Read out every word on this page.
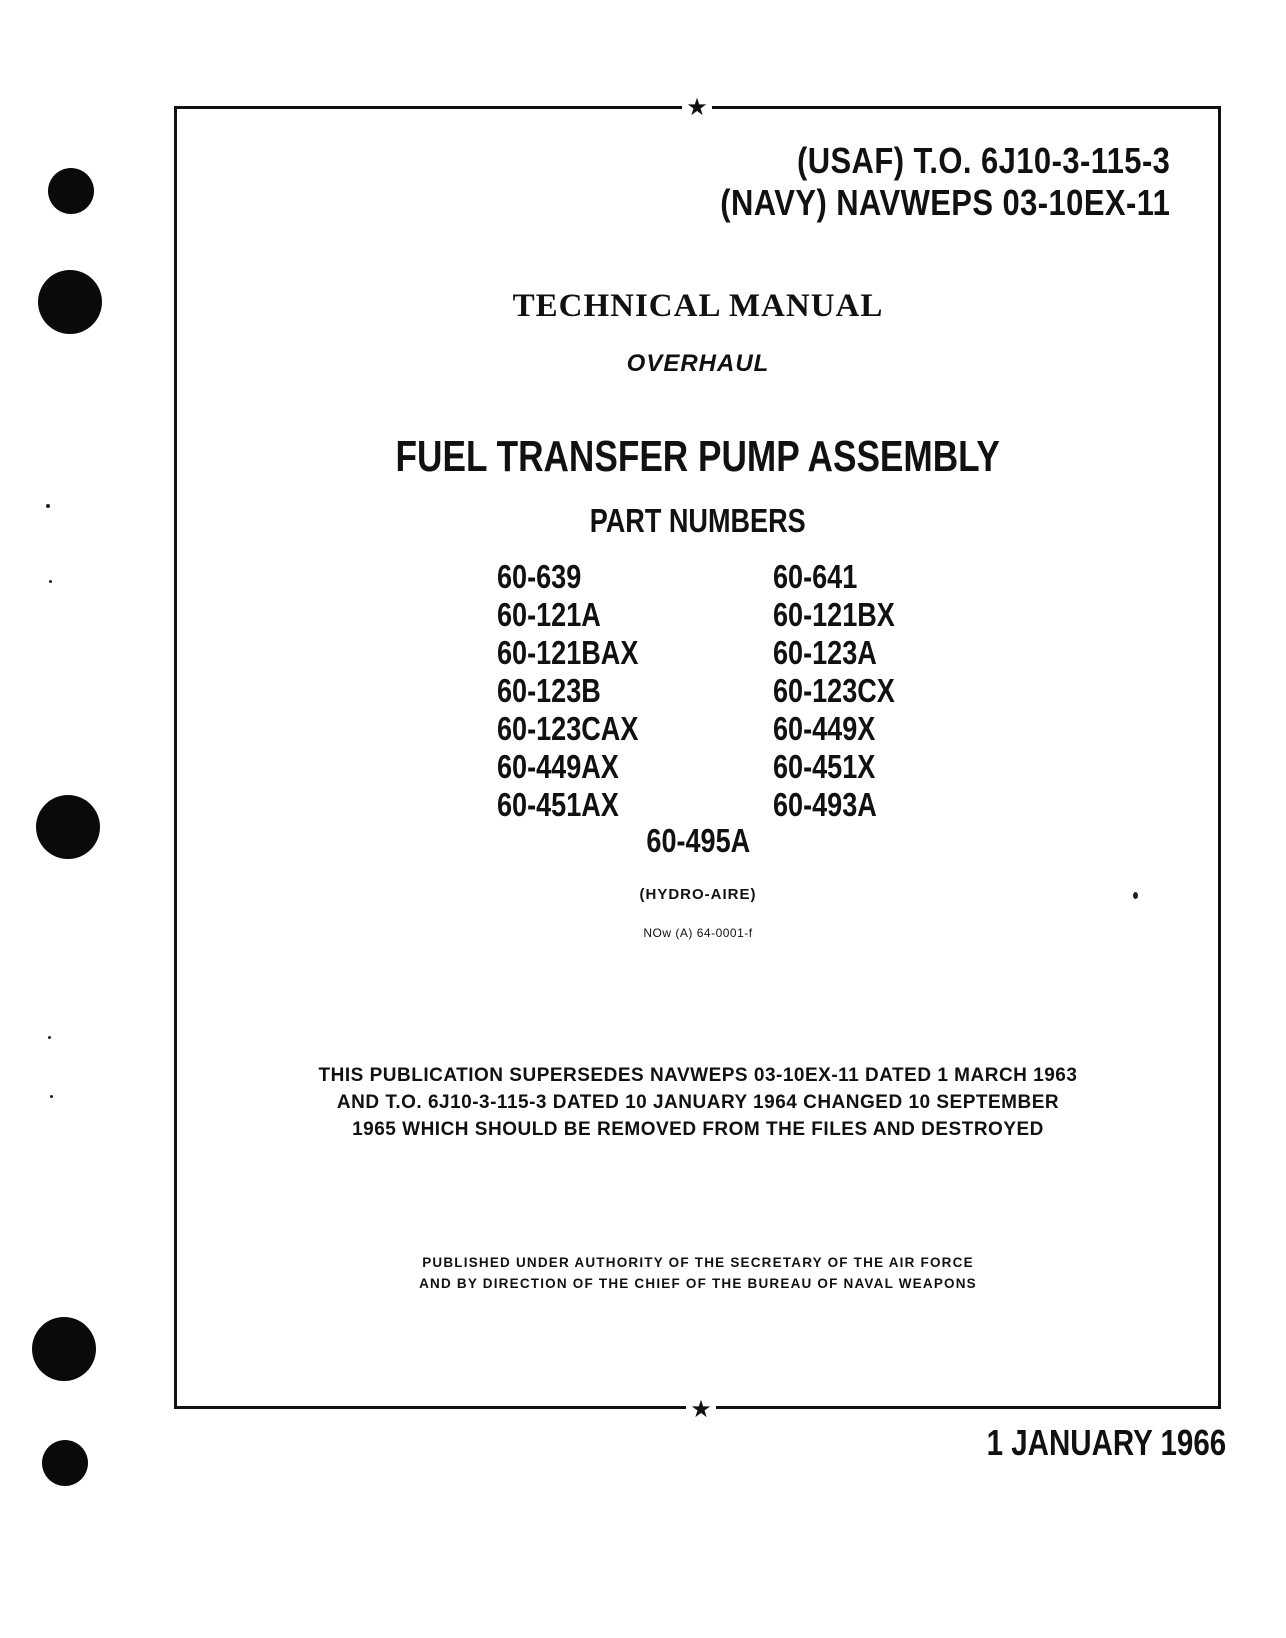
★
★
(USAF) T.O. 6J10-3-115-3
(NAVY) NAVWEPS 03-10EX-11
TECHNICAL MANUAL
OVERHAUL
FUEL TRANSFER PUMP ASSEMBLY
PART NUMBERS
60-639
60-121A
60-121BAX
60-123B
60-123CAX
60-449AX
60-451AX
60-641
60-121BX
60-123A
60-123CX
60-449X
60-451X
60-493A
60-495A
(HYDRO-AIRE)
NOw (A) 64-0001-f
THIS PUBLICATION SUPERSEDES NAVWEPS 03-10EX-11 DATED 1 MARCH 1963
AND T.O. 6J10-3-115-3 DATED 10 JANUARY 1964 CHANGED 10 SEPTEMBER
1965 WHICH SHOULD BE REMOVED FROM THE FILES AND DESTROYED
PUBLISHED UNDER AUTHORITY OF THE SECRETARY OF THE AIR FORCE
AND BY DIRECTION OF THE CHIEF OF THE BUREAU OF NAVAL WEAPONS
1 JANUARY 1966
